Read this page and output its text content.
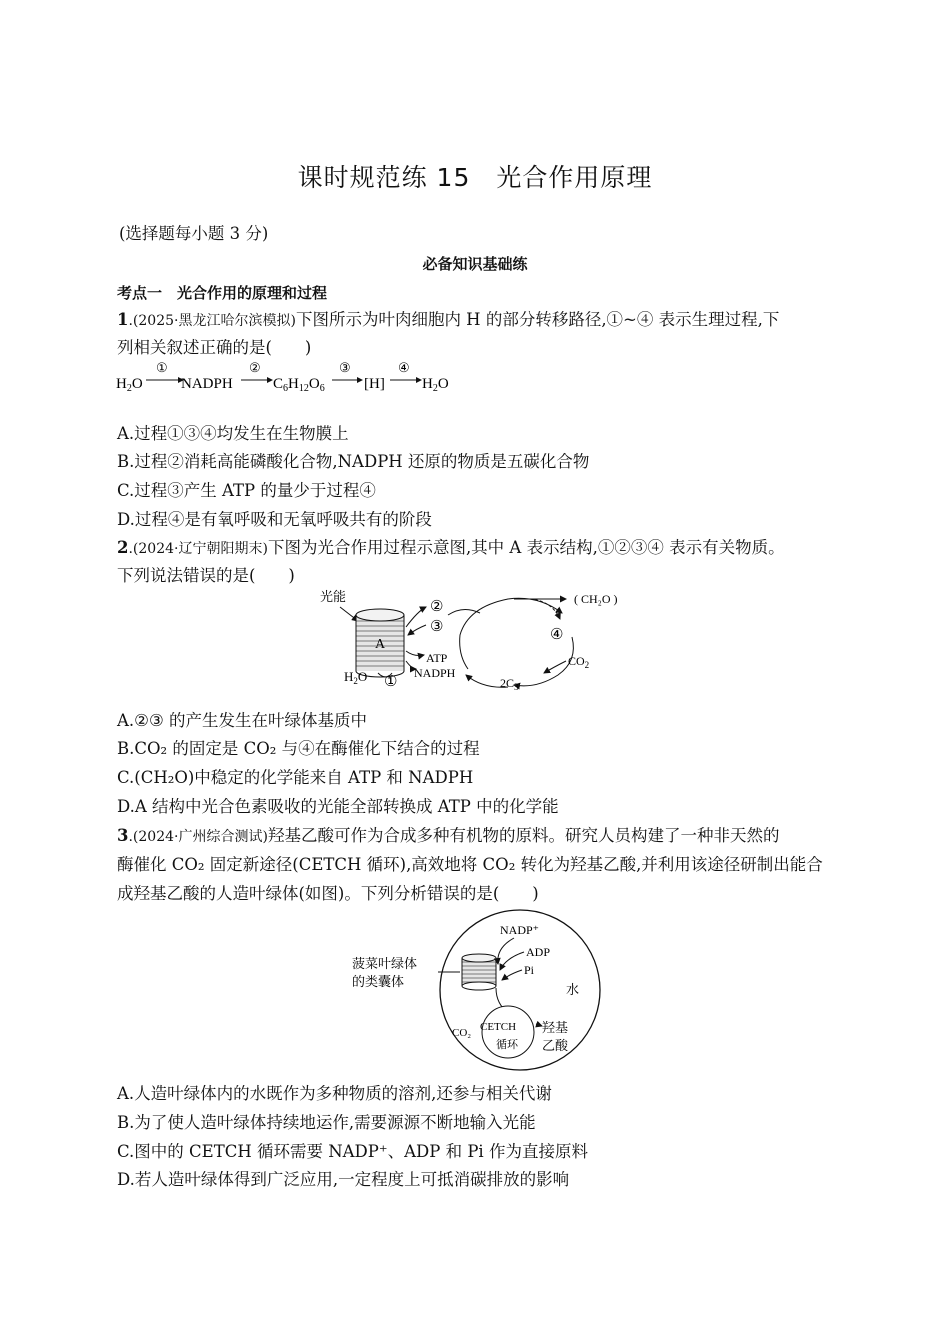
课时规范练 15　光合作用原理
(选择题每小题 3 分)
必备知识基础练
考点一　光合作用的原理和过程
1.(2025·黑龙江哈尔滨模拟)下图所示为叶肉细胞内 H 的部分转移路径,①~④ 表示生理过程,下
列相关叙述正确的是(　　)
$H_2O$
①
NADPH
②
$C_6H_{12}O_6$
③
[H]
④
$H_2O$
A.过程①③④均发生在生物膜上
B.过程②消耗高能磷酸化合物,NADPH 还原的物质是五碳化合物
C.过程③产生 ATP 的量少于过程④
D.过程④是有氧呼吸和无氧呼吸共有的阶段
2.(2024·辽宁朝阳期末)下图为光合作用过程示意图,其中 A 表示结构,①②③④ 表示有关物质。
下列说法错误的是(　　)
光能
A
$H_2O$ ①
②
③
ATP
NADPH
( CH₂O )
④
$CO_2$
$2C_3$
A.②③ 的产生发生在叶绿体基质中
B.CO₂ 的固定是 CO₂ 与④在酶催化下结合的过程
C.(CH₂O)中稳定的化学能来自 ATP 和 NADPH
D.A 结构中光合色素吸收的光能全部转换成 ATP 中的化学能
3.(2024·广州综合测试)羟基乙酸可作为合成多种有机物的原料。研究人员构建了一种非天然的
酶催化 CO₂ 固定新途径(CETCH 循环),高效地将 CO₂ 转化为羟基乙酸,并利用该途径研制出能合
成羟基乙酸的人造叶绿体(如图)。下列分析错误的是(　　)
菠菜叶绿体
的类囊体
NADP⁺
ADP
Pi
水
CETCH
循环
CO₂	羟基
乙酸
A.人造叶绿体内的水既作为多种物质的溶剂,还参与相关代谢
B.为了使人造叶绿体持续地运作,需要源源不断地输入光能
C.图中的 CETCH 循环需要 NADP⁺、ADP 和 Pi 作为直接原料
D.若人造叶绿体得到广泛应用,一定程度上可抵消碳排放的影响
